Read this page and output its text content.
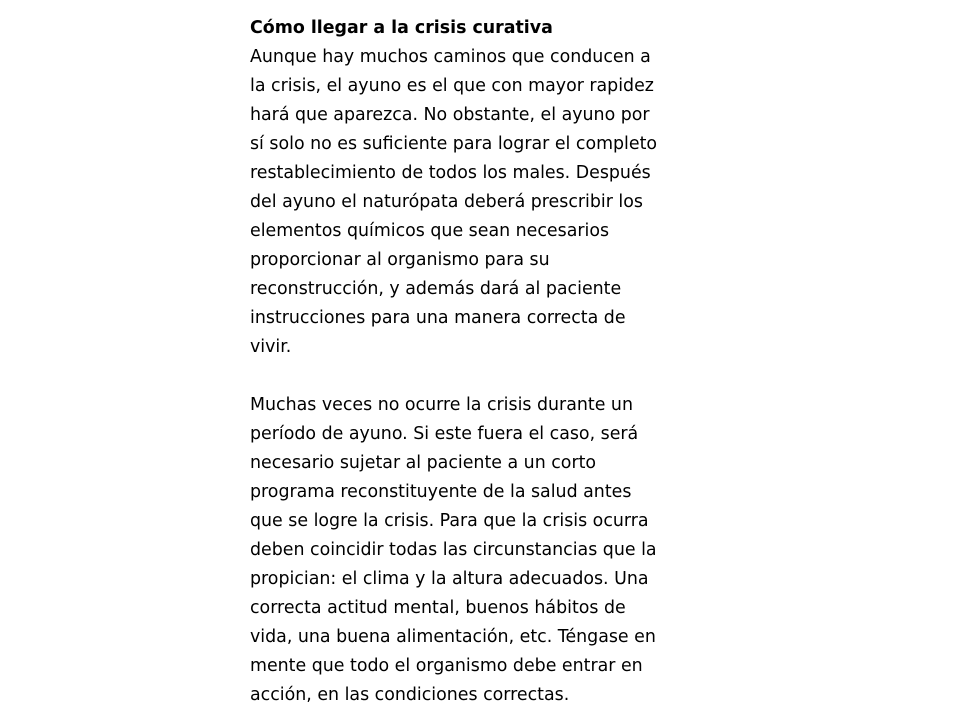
Cómo llegar a la crisis curativa
Aunque hay muchos caminos que conducen a
la crisis, el ayuno es el que con mayor rapidez
hará que aparezca. No obstante, el ayuno por
sí solo no es suficiente para lograr el completo
restablecimiento de todos los males. Después
del ayuno el naturópata deberá prescribir los
elementos químicos que sean necesarios
proporcionar al organismo para su
reconstrucción, y además dará al paciente
instrucciones para una manera correcta de
vivir.
Muchas veces no ocurre la crisis durante un
período de ayuno. Si este fuera el caso, será
necesario sujetar al paciente a un corto
programa reconstituyente de la salud antes
que se logre la crisis. Para que la crisis ocurra
deben coincidir todas las circunstancias que la
propician: el clima y la altura adecuados. Una
correcta actitud mental, buenos hábitos de
vida, una buena alimentación, etc. Téngase en
mente que todo el organismo debe entrar en
acción, en las condiciones correctas.
